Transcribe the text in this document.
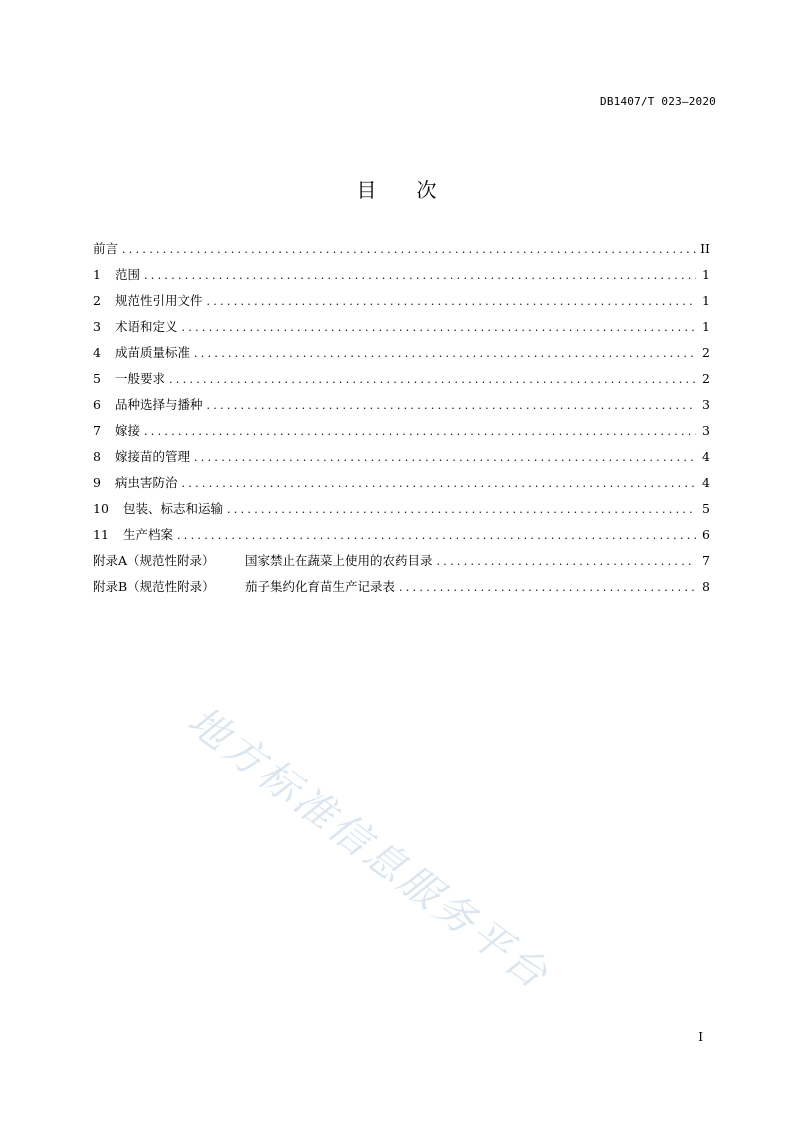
DB1407/T 023—2020
目 次
前言 .....	II
1 范围 .....	1
2 规范性引用文件 .....	1
3 术语和定义 .....	1
4 成苗质量标准 .....	2
5 一般要求 .....	2
6 品种选择与播种 .....	3
7 嫁接 .....	3
8 嫁接苗的管理 .....	4
9 病虫害防治 .....	4
10 包装、标志和运输 .....	5
11 生产档案 .....	6
附录A（规范性附录） 国家禁止在蔬菜上使用的农药目录 .....	7
附录B（规范性附录） 茄子集约化育苗生产记录表 .....	8
地方标准信息服务平台
I
